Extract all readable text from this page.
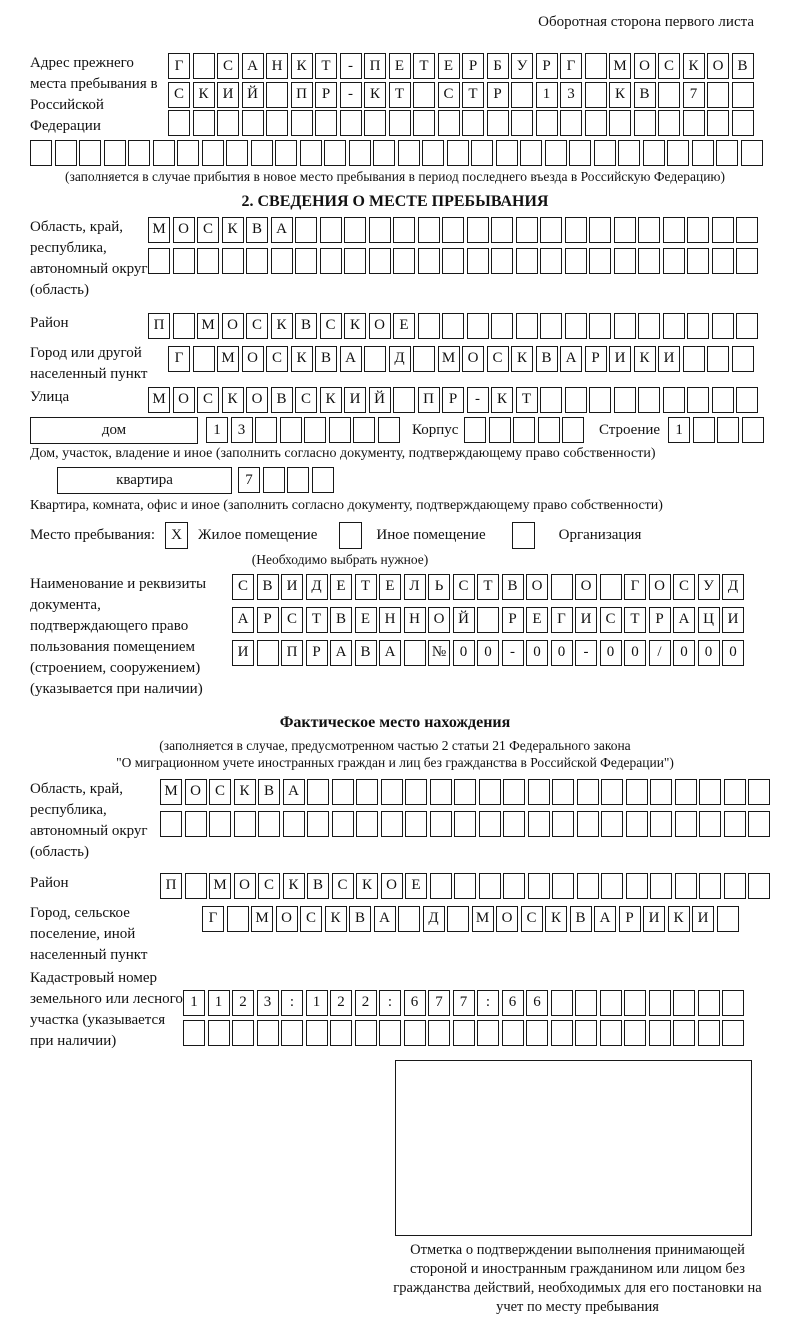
Оборотная сторона первого листа
Адрес прежнего места пребывания в Российской Федерации
Г	С А Н К Т	-	П Е	Т	Е	Р	Б У	Р	Г	М О С К О В
С К И Й	П Р	-	К Т	С Т	Р	1	3	К В	7
(заполняется в случае прибытия в новое место пребывания в период последнего въезда в Российскую Федерацию)
2. СВЕДЕНИЯ О МЕСТЕ ПРЕБЫВАНИЯ
Область, край, республика, автономный округ (область)
М О С К В А
Район	П	М О С К В С К О Е
Город или другой населенный пункт
Г	М О С К В А	Д	М О С К В А Р И К И
Улица	М О С К О В С К И Й	П Р	-	К Т
дом	1	3	Корпус	Строение	1
Дом, участок, владение и иное (заполнить согласно документу, подтверждающему право собственности)
квартира	7
Квартира, комната, офис и иное (заполнить согласно документу, подтверждающему право собственности)
Место пребывания:	X	Жилое помещение	Иное помещение	Организация
(Необходимо выбрать нужное)
Наименование и реквизиты документа, подтверждающего право пользования помещением (строением, сооружением) (указывается при наличии)
С В И Д Е	Т	Е Л	Ь	С Т В О	О	Г О С У Д
А Р	С Т В Е Н Н О Й	Р	Е	Г И С Т	Р А Ц И
И	П Р А В А	№ 0	0	-	0	0	-	0	0	/	0	0	0
Фактическое место нахождения
(заполняется в случае, предусмотренном частью 2 статьи 21 Федерального закона
"О миграционном учете иностранных граждан и лиц без гражданства в Российской Федерации")
Область, край, республика, автономный округ (область)
М О С К В А
Район	П	М О С К В С К О Е
Город, сельское поселение, иной населенный пункт
Г	М О С К В А	Д	М О С К В А Р И К И
Кадастровый номер земельного или лесного участка (указывается при наличии)
1	1	2	3	:	1	2	2	:	6	7	7	:	6	6
Отметка о подтверждении выполнения принимающей стороной и иностранным гражданином или лицом без гражданства действий, необходимых для его постановки на учет по месту пребывания
